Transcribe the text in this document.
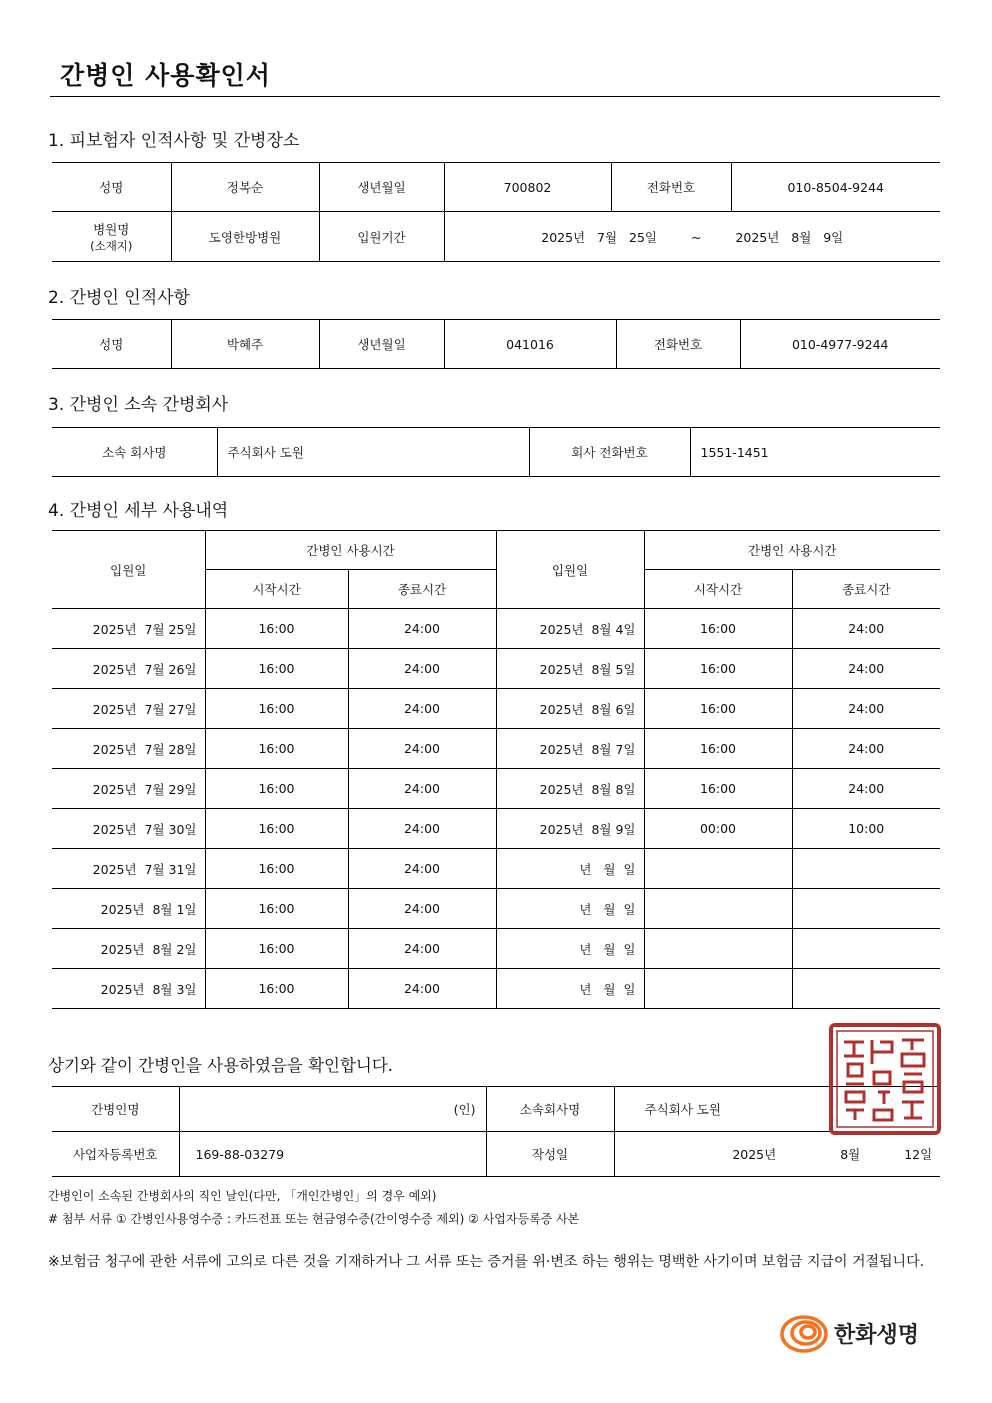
간병인 사용확인서
1. 피보험자 인적사항 및 간병장소
성명	정복순	생년월일	700802	전화번호	010-8504-9244

병원명
(소재지)	도영한방병원	입원기간	2025년   7월   25일 ~ 2025년   8월   9일		
2. 간병인 인적사항
성명	박혜주	생년월일	041016	전화번호	010-4977-9244
3. 간병인 소속 간병회사
소속 회사명	주식회사 도원	회사 전화번호	1551-1451
4. 간병인 세부 사용내역
입원일	간병인 사용시간		입원일	간병인 사용시간	
	시작시간	종료시간		시작시간	종료시간
2025년  7월 25일	16:00	24:00	2025년  8월 4일	16:00	24:00
2025년  7월 26일	16:00	24:00	2025년  8월 5일	16:00	24:00
2025년  7월 27일	16:00	24:00	2025년  8월 6일	16:00	24:00
2025년  7월 28일	16:00	24:00	2025년  8월 7일	16:00	24:00
2025년  7월 29일	16:00	24:00	2025년  8월 8일	16:00	24:00
2025년  7월 30일	16:00	24:00	2025년  8월 9일	00:00	10:00
2025년  7월 31일	16:00	24:00	년   월  일		
2025년  8월 1일	16:00	24:00	년   월  일		
2025년  8월 2일	16:00	24:00	년   월  일		
2025년  8월 3일	16:00	24:00	년   월  일		
상기와 같이 간병인을 사용하였음을 확인합니다.
간병인명	(인)	소속회사명	주식회사 도원
사업자등록번호	169-88-03279	작성일	2025년 8월 12일
간병인이 소속된 간병회사의 직인 날인(다만, 「개인간병인」의 경우 예외)
# 첨부 서류 ① 간병인사용영수증 : 카드전표 또는 현금영수증(간이영수증 제외) ② 사업자등록증 사본
※보험금 청구에 관한 서류에 고의로 다른 것을 기재하거나 그 서류 또는 증거를 위·변조 하는 행위는 명백한 사기이며 보험금 지급이 거절됩니다.
한화생명
